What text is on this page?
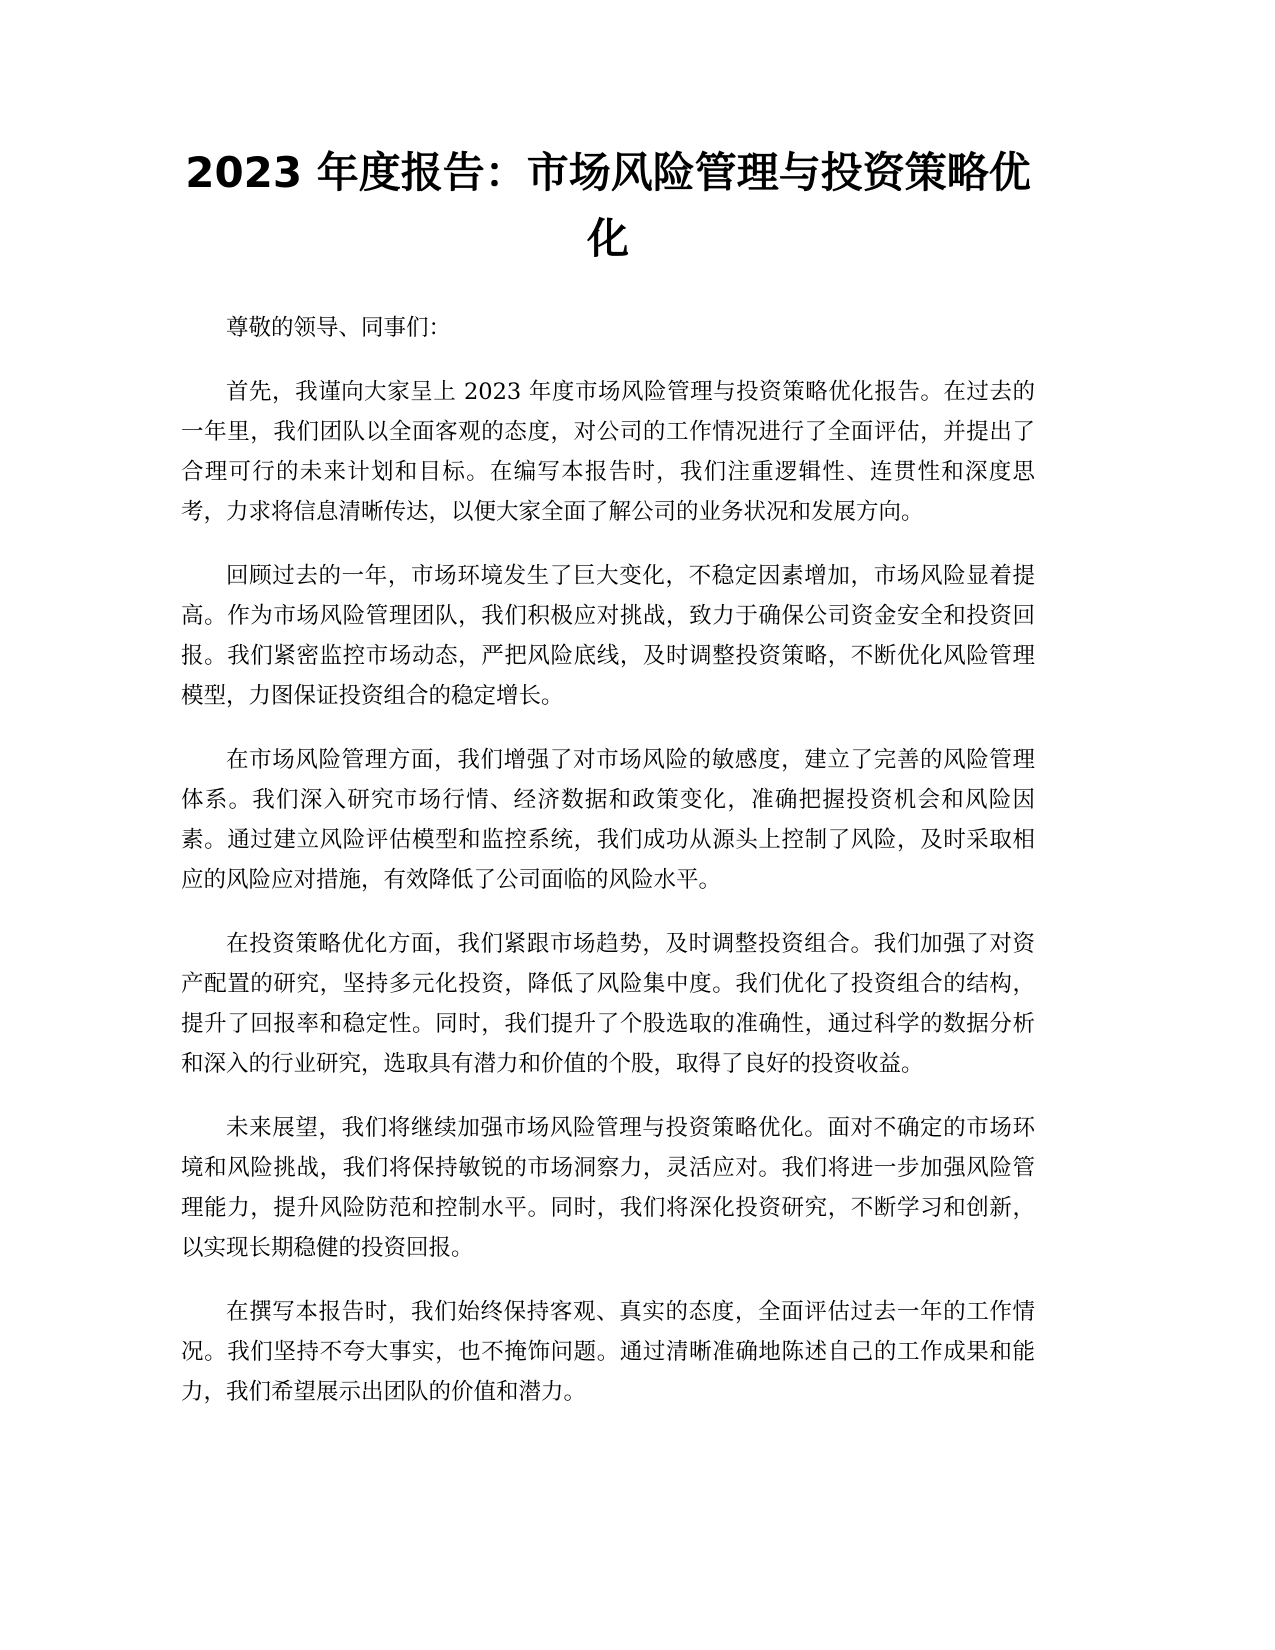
2023 年度报告：市场风险管理与投资策略优化

尊敬的领导、同事们：

首先，我谨向大家呈上 2023 年度市场风险管理与投资策略优化报告。在过去的一年里，我们团队以全面客观的态度，对公司的工作情况进行了全面评估，并提出了合理可行的未来计划和目标。在编写本报告时，我们注重逻辑性、连贯性和深度思考，力求将信息清晰传达，以便大家全面了解公司的业务状况和发展方向。

回顾过去的一年，市场环境发生了巨大变化，不稳定因素增加，市场风险显着提高。作为市场风险管理团队，我们积极应对挑战，致力于确保公司资金安全和投资回报。我们紧密监控市场动态，严把风险底线，及时调整投资策略，不断优化风险管理模型，力图保证投资组合的稳定增长。

在市场风险管理方面，我们增强了对市场风险的敏感度，建立了完善的风险管理体系。我们深入研究市场行情、经济数据和政策变化，准确把握投资机会和风险因素。通过建立风险评估模型和监控系统，我们成功从源头上控制了风险，及时采取相应的风险应对措施，有效降低了公司面临的风险水平。

在投资策略优化方面，我们紧跟市场趋势，及时调整投资组合。我们加强了对资产配置的研究，坚持多元化投资，降低了风险集中度。我们优化了投资组合的结构，提升了回报率和稳定性。同时，我们提升了个股选取的准确性，通过科学的数据分析和深入的行业研究，选取具有潜力和价值的个股，取得了良好的投资收益。

未来展望，我们将继续加强市场风险管理与投资策略优化。面对不确定的市场环境和风险挑战，我们将保持敏锐的市场洞察力，灵活应对。我们将进一步加强风险管理能力，提升风险防范和控制水平。同时，我们将深化投资研究，不断学习和创新，以实现长期稳健的投资回报。

在撰写本报告时，我们始终保持客观、真实的态度，全面评估过去一年的工作情况。我们坚持不夸大事实，也不掩饰问题。通过清晰准确地陈述自己的工作成果和能力，我们希望展示出团队的价值和潜力。
